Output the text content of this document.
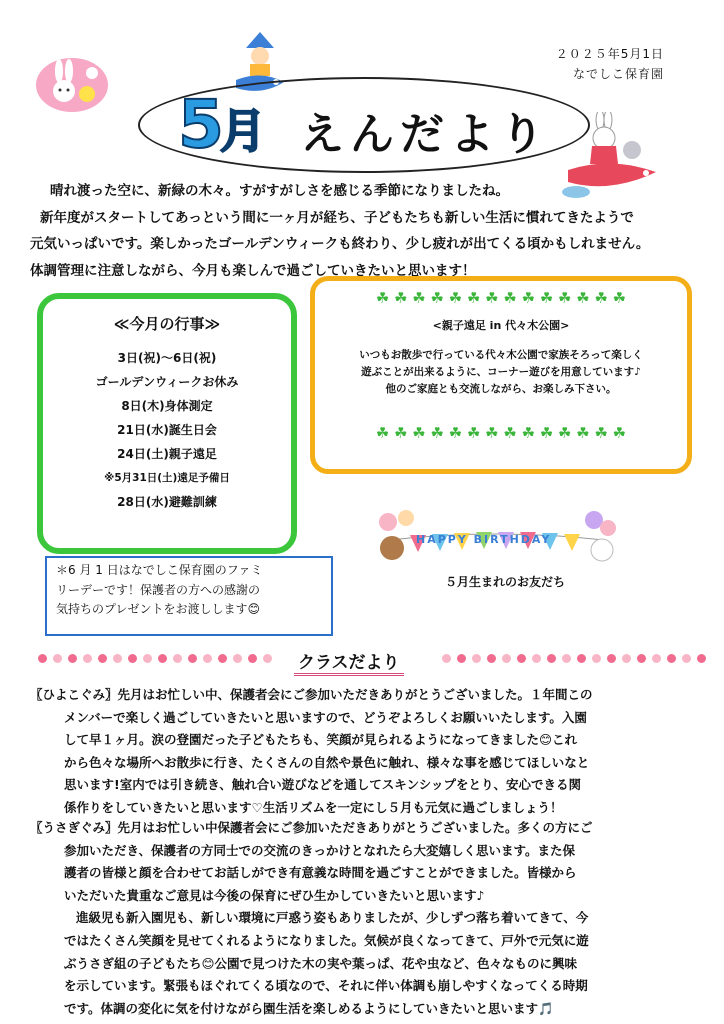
２０２５年5月1日
なでしこ保育園
5月 えんだより

晴れ渡った空に、新緑の木々。すがすがしさを感じる季節になりましたね。

新年度がスタートしてあっという間に一ヶ月が経ち、子どもたちも新しい生活に慣れてきたようで

元気いっぱいです。楽しかったゴールデンウィークも終わり、少し疲れが出てくる頃かもしれません。

体調管理に注意しながら、今月も楽しんで過ごしていきたいと思います！

≪今月の行事≫
3日(祝)～6日(祝)
ゴールデンウィークお休み
8日(木)身体測定
21日(水)誕生日会
24日(土)親子遠足
※5月31日(土)遠足予備日
28日(水)避難訓練
☘ ☘ ☘ ☘ ☘ ☘ ☘ ☘ ☘ ☘ ☘ ☘ ☘ ☘
<親子遠足 in 代々木公園>
いつもお散歩で行っている代々木公園で家族そろって楽しく
遊ぶことが出来るように、コーナー遊びを用意しています♪
他のご家庭とも交流しながら、お楽しみ下さい。
☘ ☘ ☘ ☘ ☘ ☘ ☘ ☘ ☘ ☘ ☘ ☘ ☘ ☘
HAPPY BIRTHDAY
５月生まれのお友だち
＊6 月 1 日はなでしこ保育園のファミ
リーデーです！保護者の方への感謝の
気持ちのプレゼントをお渡しします😊
クラスだより

〖ひよこぐみ〗先月はお忙しい中、保護者会にご参加いただきありがとうございました。１年間この

メンバーで楽しく過ごしていきたいと思いますので、どうぞよろしくお願いいたします。入園

して早１ヶ月。涙の登園だった子どもたちも、笑顔が見られるようになってきました😊これ

から色々な場所へお散歩に行き、たくさんの自然や景色に触れ、様々な事を感じてほしいなと

思います!室内では引き続き、触れ合い遊びなどを通してスキンシップをとり、安心できる関

係作りをしていきたいと思います♡生活リズムを一定にし５月も元気に過ごしましょう！

〖うさぎぐみ〗先月はお忙しい中保護者会にご参加いただきありがとうございました。多くの方にご

参加いただき、保護者の方同士での交流のきっかけとなれたら大変嬉しく思います。また保

護者の皆様と顔を合わせてお話しができ有意義な時間を過ごすことができました。皆様から

いただいた貴重なご意見は今後の保育にぜひ生かしていきたいと思います♪

進級児も新入園児も、新しい環境に戸惑う姿もありましたが、少しずつ落ち着いてきて、今

ではたくさん笑顔を見せてくれるようになりました。気候が良くなってきて、戸外で元気に遊

ぶうさぎ組の子どもたち😊公園で見つけた木の実や葉っぱ、花や虫など、色々なものに興味

を示しています。緊張もほぐれてくる頃なので、それに伴い体調も崩しやすくなってくる時期

です。体調の変化に気を付けながら園生活を楽しめるようにしていきたいと思います🎵
